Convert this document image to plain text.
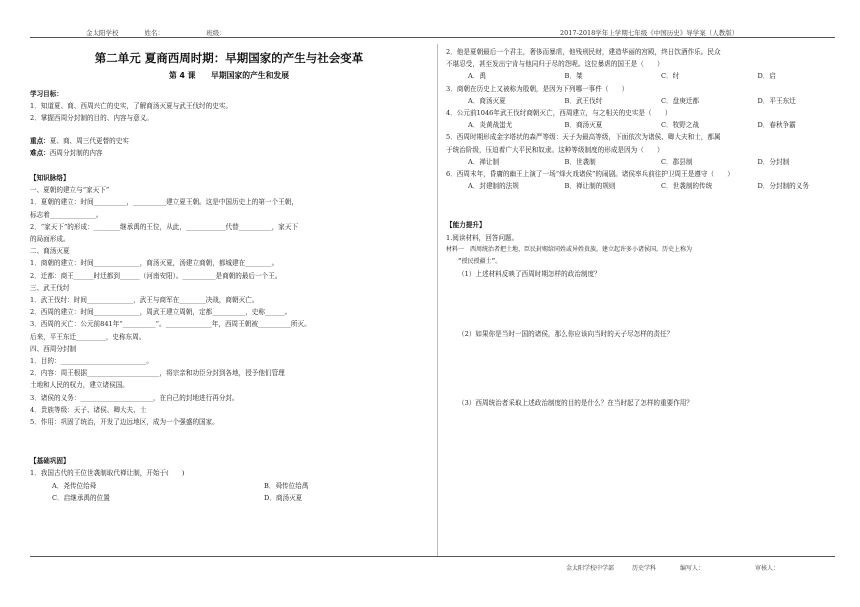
金太阳学校　　　　姓名：　　　　　　　班级：	2017-2018学年上学期七年级《中国历史》导学案（人教版）
第二单元 夏商西周时期：早期国家的产生与社会变革
第 4 课　　早期国家的产生和发展
学习目标：
1．知道夏、商、西周兴亡的史实，了解商汤灭夏与武王伐纣的史实。
2．掌握西周分封制的目的、内容与意义。
重点：夏、商、周三代更替的史实
难点：西周分封制的内容
【知识脉络】
一、夏朝的建立与“家天下”
1．夏朝的建立：时间__________，__________建立夏王朝。这是中国历史上的第一个王朝，
标志着______________。
2．“家天下”的形成：________继承禹的王位，从此，____________代替__________，家天下
的局面形成。
二、商汤灭夏
1．商朝的建立：时间______________，商汤灭夏，汤建立商朝，都城建在________。
2．迁都：商王______时迁都到______（河南安阳）。__________是商朝的最后一个王。
三、武王伐纣
1．武王伐纣：时间______________，武王与商军在________决战，商朝灭亡。
2．西周的建立：时间______________，周武王建立周朝，定都__________，史称______。
3．西周的灭亡：公元前841年“__________”。______________年，西周王朝被__________所灭。
后来，平王东迁_________，史称东周。
四、西周分封制
1．目的：__________________________。
2．内容：周王根据______________________，将宗亲和功臣分封到各地，授予他们管理
土地和人民的权力，建立诸侯国。
3．诸侯的义务：______________________，在自己的封地进行再分封。
4．贵族等级：天子、诸侯、卿大夫、士
5．作用：巩固了统治，开发了边远地区，成为一个强盛的国家。
【基础巩固】
1．我国古代的王位世袭制取代禅让制，开始于(　　)
A．尧传位给舜	B．舜传位给禹
C．启继承禹的位置	D．商汤灭夏
2．他是夏朝最后一个君主，奢侈而暴虐，他残刑民财，建造华丽的宫殿，终日饮酒作乐。民众
不堪忍受，甚至发出宁肯与他同归于尽的怨呢。这位暴虐的国王是（　　）
A．禹	B．桀	C．纣	D．启
3．商朝在历史上又被称为殷朝，是因为下列哪一事件（　　）
A．商汤灭夏	B．武王伐纣	C．盘庚迁都	D．平王东迁
4．公元前1046年武王伐纣商朝灭亡，西周建立，与之相关的史实是（　　）
A．炎黄战蚩尤	B．商汤灭夏	C．牧野之战	D．春秋争霸
5．西周时期形成金字塔状的森严等级：天子为最高等级，下面依次为诸侯、卿大夫和士，都属
于统治阶级，压迫着广大平民和奴隶。这种等级制度的形成是因为（　　）
A．禅让制	B．世袭制	C．郡县制	D．分封制
6．西周末年，昏庸的幽王上演了一场“烽火戏诸侯”的闹剧。诸侯率兵前往护卫周王是遵守（　　）
A．封建制的法规	B．禅让制的规则	C．世袭制的传统	D．分封制的义务
【能力提升】
1.阅读材料，回答问题。
材料一　 西周统治者把土地、臣民封赐给同姓或异姓贵族，建立起许多小诸侯国，历史上称为
“授民授疆土”。
（1）上述材料反映了西周时期怎样的政治制度？
（2）如果你是当时一国的诸侯，那么你应该向当时的天子尽怎样的责任？
（3）西周统治者采取上述政治制度的目的是什么？在当时起了怎样的重要作用？
金太阳学校中学部　　　历史学科　　　　编写人：　　　　　　　　　审核人：
